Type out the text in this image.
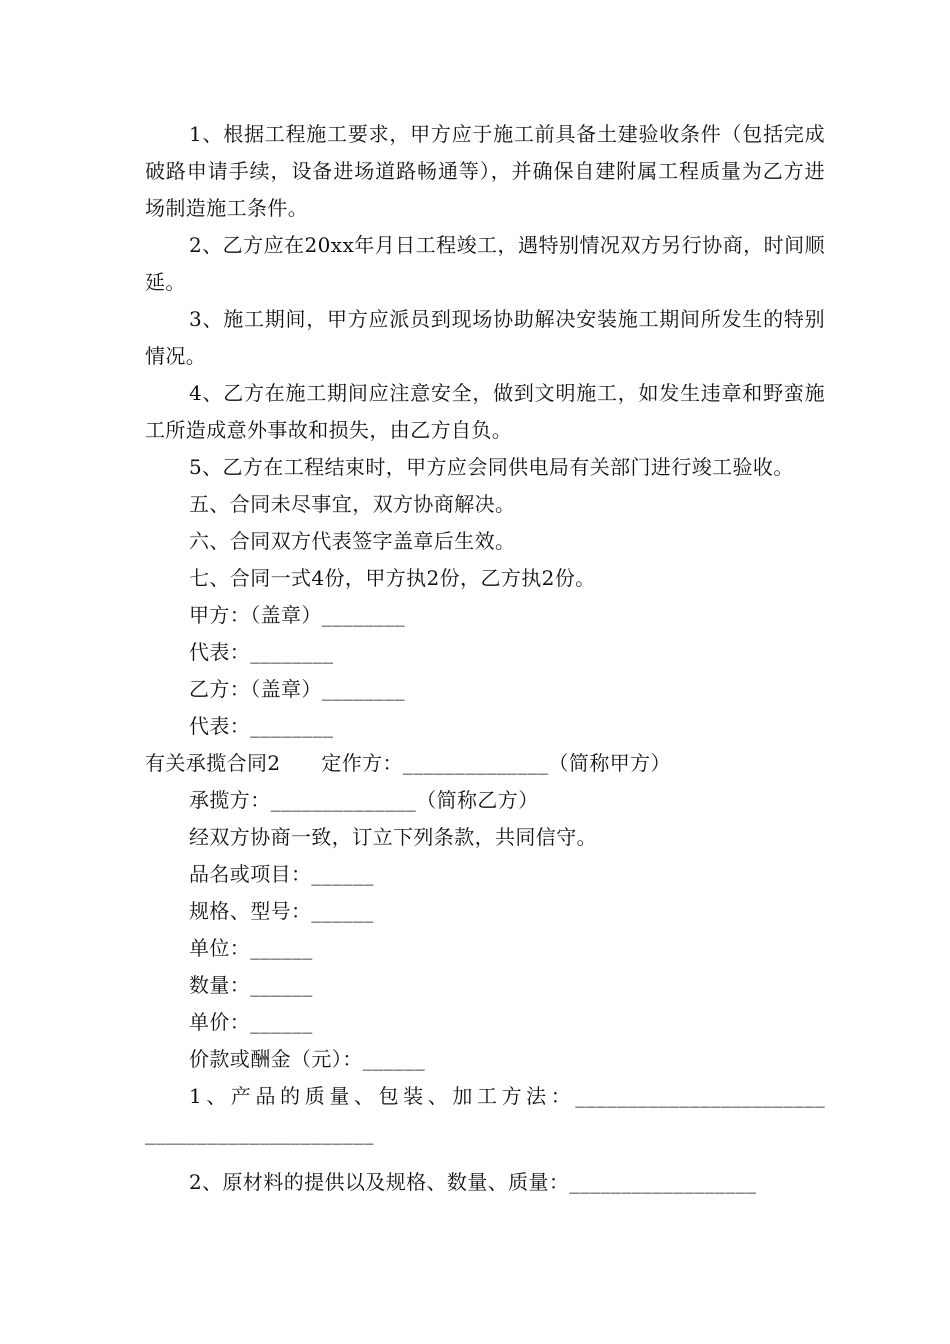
1、根据工程施工要求，甲方应于施工前具备土建验收条件（包括完成破路申请手续，设备进场道路畅通等），并确保自建附属工程质量为乙方进场制造施工条件。

2、乙方应在20xx年月日工程竣工，遇特别情况双方另行协商，时间顺延。

3、施工期间，甲方应派员到现场协助解决安装施工期间所发生的特别情况。

4、乙方在施工期间应注意安全，做到文明施工，如发生违章和野蛮施工所造成意外事故和损失，由乙方自负。

5、乙方在工程结束时，甲方应会同供电局有关部门进行竣工验收。

五、合同未尽事宜，双方协商解决。

六、合同双方代表签字盖章后生效。

七、合同一式4份，甲方执2份，乙方执2份。

甲方：（盖章）________

代表：________

乙方：（盖章）________

代表：________

有关承揽合同2　　定作方：______________（简称甲方）

承揽方：______________（简称乙方）

经双方协商一致，订立下列条款，共同信守。

品名或项目：______

规格、型号：______

单位：______

数量：______

单价：______

价款或酬金（元）：______

1、产品的质量、包装、加工方法：________________________ ______________________

2、原材料的提供以及规格、数量、质量：__________________
